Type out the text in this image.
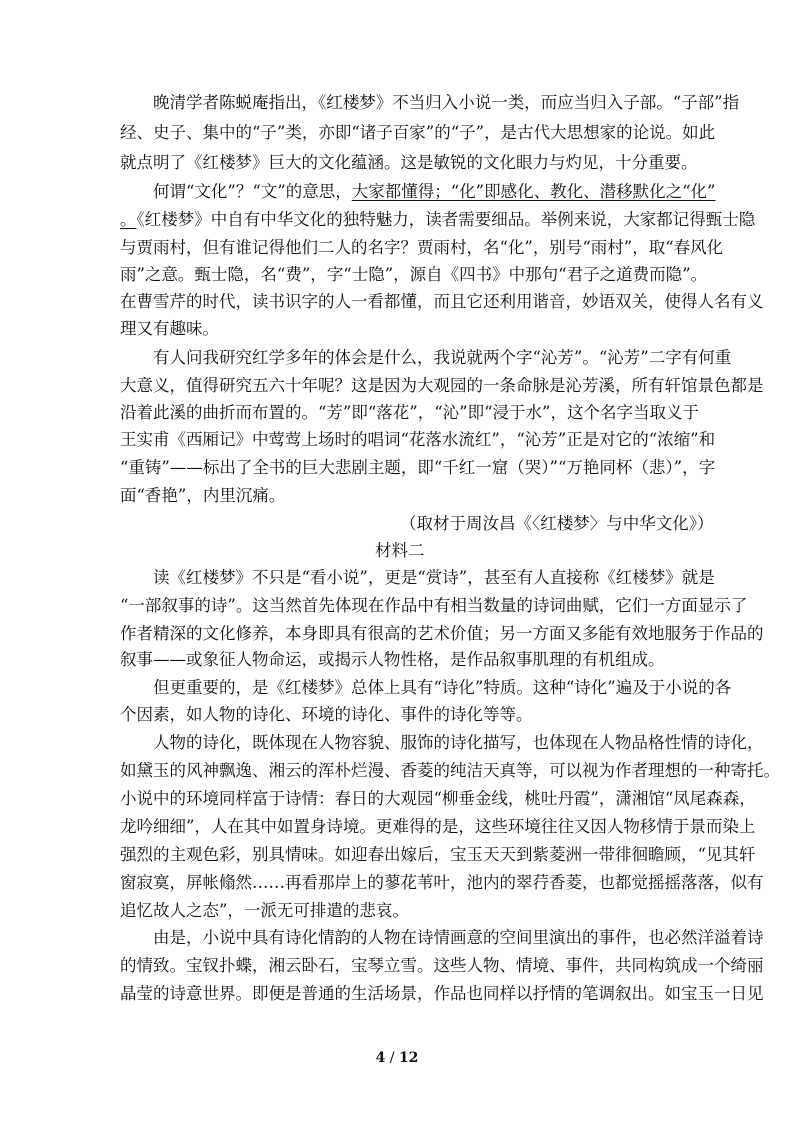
　　晚清学者陈蜕庵指出，《红楼梦》不当归入小说一类，而应当归入子部。“子部”指
经、史子、集中的“子”类，亦即“诸子百家”的“子”，是古代大思想家的论说。如此
就点明了《红楼梦》巨大的文化蕴涵。这是敏锐的文化眼力与灼见，十分重要。
　　何谓“文化”？“文”的意思，大家都懂得；“化”即感化、教化、潜移默化之“化”
。《红楼梦》中自有中华文化的独特魅力，读者需要细品。举例来说，大家都记得甄士隐
与贾雨村，但有谁记得他们二人的名字？贾雨村，名“化”，别号“雨村”，取“春风化
雨”之意。甄士隐，名“费”，字“士隐”，源自《四书》中那句“君子之道费而隐”。
在曹雪芹的时代，读书识字的人一看都懂，而且它还利用谐音，妙语双关，使得人名有义
理又有趣味。
　　有人问我研究红学多年的体会是什么，我说就两个字“沁芳”。“沁芳”二字有何重
大意义，值得研究五六十年呢？这是因为大观园的一条命脉是沁芳溪，所有轩馆景色都是
沿着此溪的曲折而布置的。“芳”即“落花”，“沁”即“浸于水”，这个名字当取义于
王实甫《西厢记》中莺莺上场时的唱词“花落水流红”，“沁芳”正是对它的“浓缩”和
“重铸”——标出了全书的巨大悲剧主题，即“千红一窟（哭）”“万艳同杯（悲）”，字
面“香艳”，内里沉痛。
（取材于周汝昌《〈红楼梦〉与中华文化》）
材料二
　　读《红楼梦》不只是“看小说”，更是“赏诗”，甚至有人直接称《红楼梦》就是
“一部叙事的诗”。这当然首先体现在作品中有相当数量的诗词曲赋，它们一方面显示了
作者精深的文化修养，本身即具有很高的艺术价值；另一方面又多能有效地服务于作品的
叙事——或象征人物命运，或揭示人物性格，是作品叙事肌理的有机组成。
　　但更重要的，是《红楼梦》总体上具有“诗化”特质。这种“诗化”遍及于小说的各
个因素，如人物的诗化、环境的诗化、事件的诗化等等。
　　人物的诗化，既体现在人物容貌、服饰的诗化描写，也体现在人物品格性情的诗化，
如黛玉的风神飘逸、湘云的浑朴烂漫、香菱的纯洁天真等，可以视为作者理想的一种寄托。
小说中的环境同样富于诗情：春日的大观园“柳垂金线，桃吐丹霞”，潇湘馆“凤尾森森，
龙吟细细”，人在其中如置身诗境。更难得的是，这些环境往往又因人物移情于景而染上
强烈的主观色彩，别具情味。如迎春出嫁后，宝玉天天到紫菱洲一带徘徊瞻顾，“见其轩
窗寂寞，屏帐翛然……再看那岸上的蓼花苇叶，池内的翠荇香菱，也都觉摇摇落落，似有
追忆故人之态”，一派无可排遣的悲哀。
　　由是，小说中具有诗化情韵的人物在诗情画意的空间里演出的事件，也必然洋溢着诗
的情致。宝钗扑蝶，湘云卧石，宝琴立雪。这些人物、情境、事件，共同构筑成一个绮丽
晶莹的诗意世界。即便是普通的生活场景，作品也同样以抒情的笔调叙出。如宝玉一日见
4 / 12
